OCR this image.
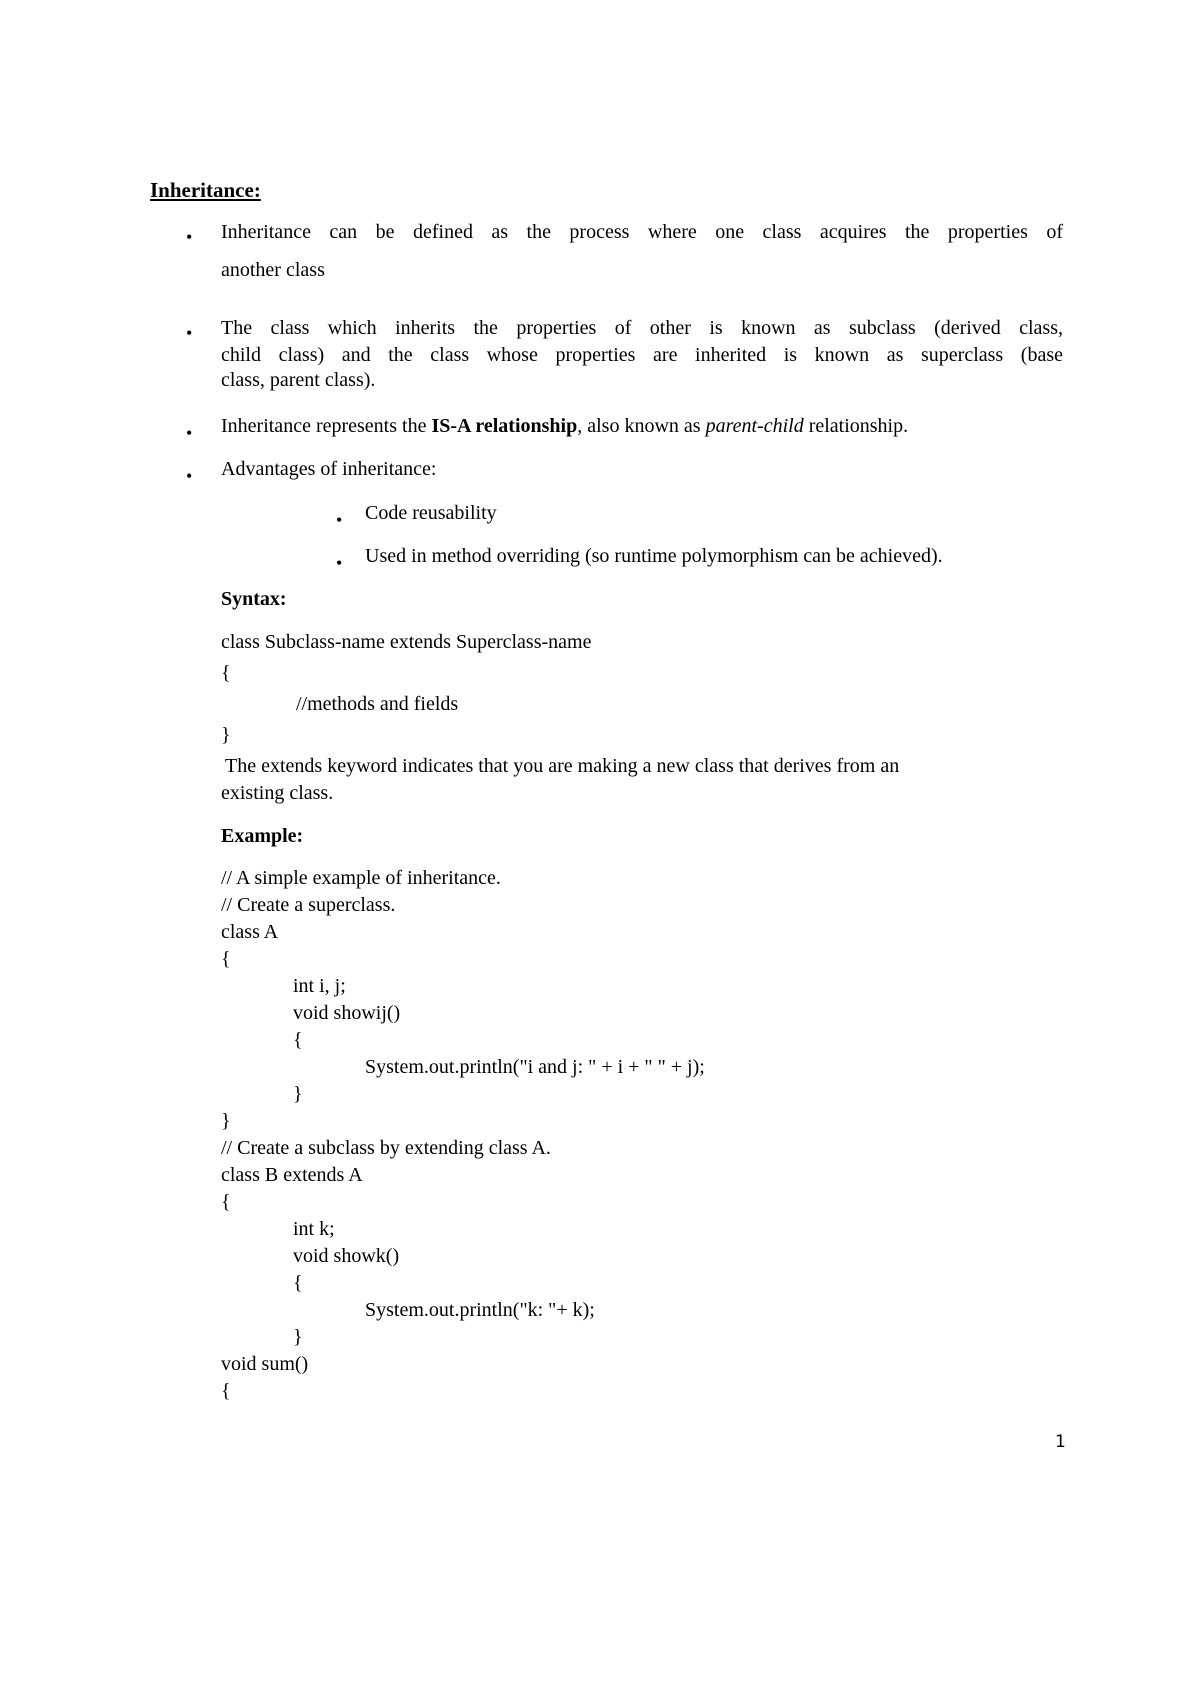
Inheritance:
• Inheritance can be defined as the process where one class acquires the properties of
another class
• The class which inherits the properties of other is known as subclass (derived class,
child class) and the class whose properties are inherited is known as superclass (base
class, parent class).
• Inheritance represents the IS-A relationship, also known as parent-child relationship.
• Advantages of inheritance:
• Code reusability
• Used in method overriding (so runtime polymorphism can be achieved).
Syntax:
class Subclass-name extends Superclass-name
{
//methods and fields
}
The extends keyword indicates that you are making a new class that derives from an
existing class.
Example:
// A simple example of inheritance.
// Create a superclass.
class A
{
int i, j;
void showij()
{
System.out.println("i and j: " + i + " " + j);
}
}
// Create a subclass by extending class A.
class B extends A
{
int k;
void showk()
{
System.out.println("k: "+ k);
}
void sum()
{
1
